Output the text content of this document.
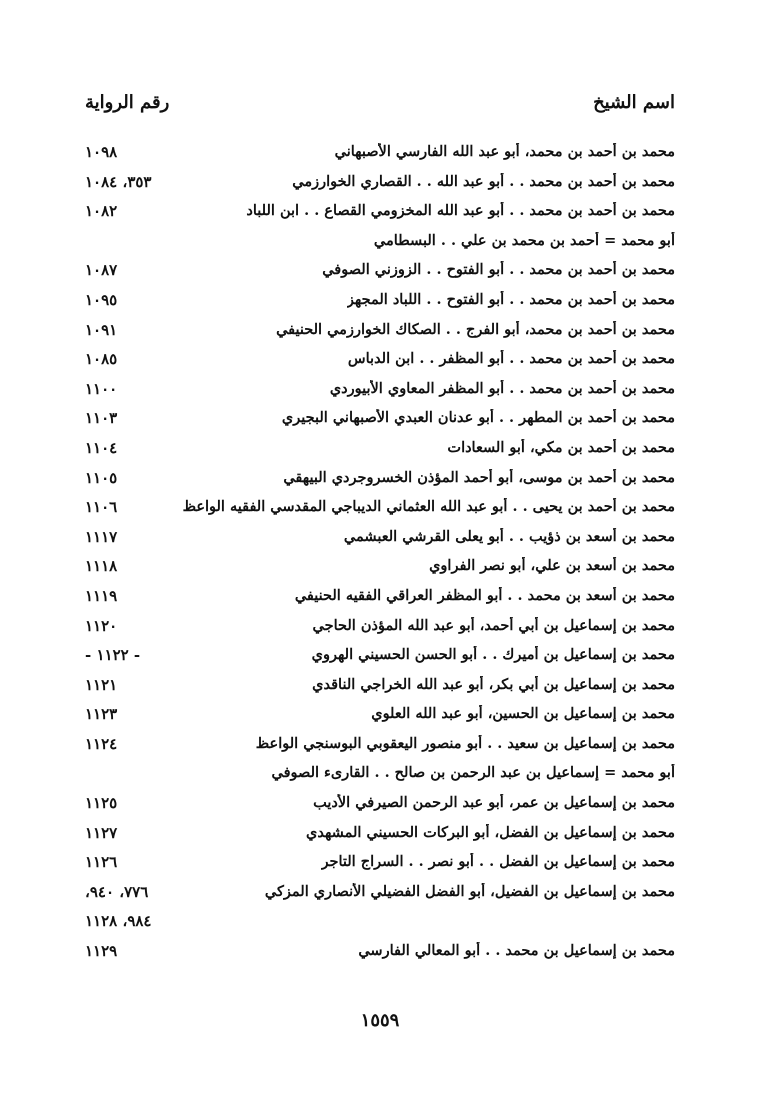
اسم الشيخ
رقم الرواية
محمد بن أحمد بن محمد، أبو عبد الله الفارسي الأصبهاني
١٠٩٨
محمد بن أحمد بن محمد . . أبو عبد الله . . القصاري الخوارزمي
٣٥٣، ١٠٨٤
محمد بن أحمد بن محمد . . أبو عبد الله المخزومي القصاع . . ابن اللباد
١٠٨٢
أبو محمد = أحمد بن محمد بن علي . . البسطامي
محمد بن أحمد بن محمد . . أبو الفتوح . . الزوزني الصوفي
١٠٨٧
محمد بن أحمد بن محمد . . أبو الفتوح . . اللباد المجهز
١٠٩٥
محمد بن أحمد بن محمد، أبو الفرج . . الصكاك الخوارزمي الحنيفي
١٠٩١
محمد بن أحمد بن محمد . . أبو المظفر . . ابن الدباس
١٠٨٥
محمد بن أحمد بن محمد . . أبو المظفر المعاوي الأبيوردي
١١٠٠
محمد بن أحمد بن المطهر . . أبو عدنان العبدي الأصبهاني البجيري
١١٠٣
محمد بن أحمد بن مكي، أبو السعادات
١١٠٤
محمد بن أحمد بن موسى، أبو أحمد المؤذن الخسروجردي البيهقي
١١٠٥
محمد بن أحمد بن يحيى . . أبو عبد الله العثماني الديباجي المقدسي الفقيه الواعظ
١١٠٦
محمد بن أسعد بن ذؤيب . . أبو يعلى القرشي العبشمي
١١١٧
محمد بن أسعد بن علي، أبو نصر الفراوي
١١١٨
محمد بن أسعد بن محمد . . أبو المظفر العراقي الفقيه الحنيفي
١١١٩
محمد بن إسماعيل بن أبي أحمد، أبو عبد الله المؤذن الحاجي
١١٢٠
محمد بن إسماعيل بن أميرك . . أبو الحسن الحسيني الهروي
- ١١٢٢ -
محمد بن إسماعيل بن أبي بكر، أبو عبد الله الخراجي الناقدي
١١٢١
محمد بن إسماعيل بن الحسين، أبو عبد الله العلوي
١١٢٣
محمد بن إسماعيل بن سعيد . . أبو منصور اليعقوبي البوسنجي الواعظ
١١٢٤
أبو محمد = إسماعيل بن عبد الرحمن بن صالح . . القارىء الصوفي
محمد بن إسماعيل بن عمر، أبو عبد الرحمن الصيرفي الأديب
١١٢٥
محمد بن إسماعيل بن الفضل، أبو البركات الحسيني المشهدي
١١٢٧
محمد بن إسماعيل بن الفضل . . أبو نصر . . السراج التاجر
١١٢٦
محمد بن إسماعيل بن الفضيل، أبو الفضل الفضيلي الأنصاري المزكي
٧٧٦، ٩٤٠،
٩٨٤، ١١٢٨
محمد بن إسماعيل بن محمد . . أبو المعالي الفارسي
١١٢٩
١٥٥٩
